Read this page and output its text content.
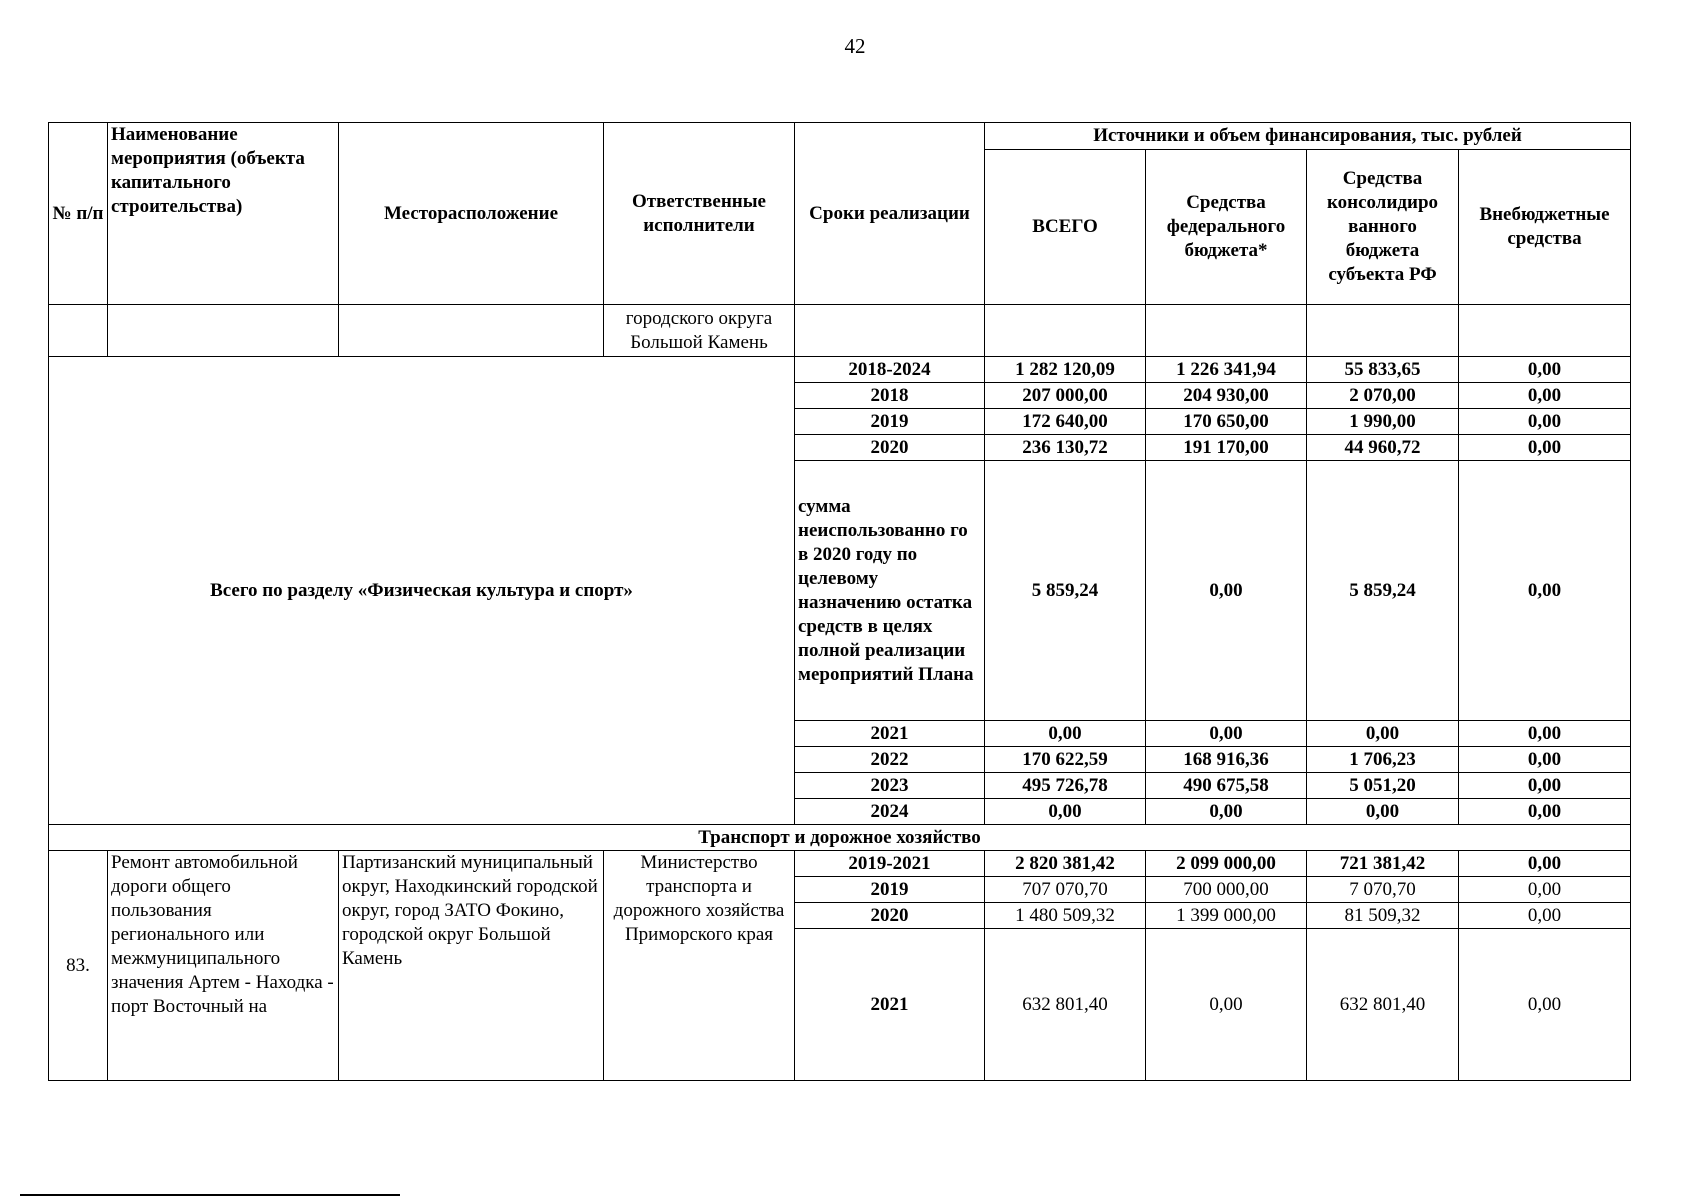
42
№ п/п	Наименование мероприятия (объекта капитального строительства)	Месторасположение	Ответственные исполнители	Сроки реализации	Источники и объем финансирования, тыс. рублей			
					ВСЕГО	Средства федерального бюджета*	Средства консолидиро ванного бюджета субъекта РФ	Внебюджетные средства
			городского округа Большой Камень					
Всего по разделу «Физическая культура и спорт»				2018-2024	1 282 120,09	1 226 341,94	55 833,65	0,00
				2018	207 000,00	204 930,00	2 070,00	0,00
				2019	172 640,00	170 650,00	1 990,00	0,00
				2020	236 130,72	191 170,00	44 960,72	0,00
				сумма неиспользованно го в 2020 году по целевому назначению остатка средств в целях полной реализации мероприятий Плана	5 859,24	0,00	5 859,24	0,00
				2021	0,00	0,00	0,00	0,00
				2022	170 622,59	168 916,36	1 706,23	0,00
				2023	495 726,78	490 675,58	5 051,20	0,00
				2024	0,00	0,00	0,00	0,00
Транспорт и дорожное хозяйство								
83.	Ремонт автомобильной дороги общего пользования регионального или межмуниципального значения Артем - Находка - порт Восточный на	Партизанский муниципальный округ, Находкинский городской округ, город ЗАТО Фокино, городской округ Большой Камень	Министерство транспорта и дорожного хозяйства Приморского края	2019-2021	2 820 381,42	2 099 000,00	721 381,42	0,00
				2019	707 070,70	700 000,00	7 070,70	0,00
				2020	1 480 509,32	1 399 000,00	81 509,32	0,00
				2021	632 801,40	0,00	632 801,40	0,00
